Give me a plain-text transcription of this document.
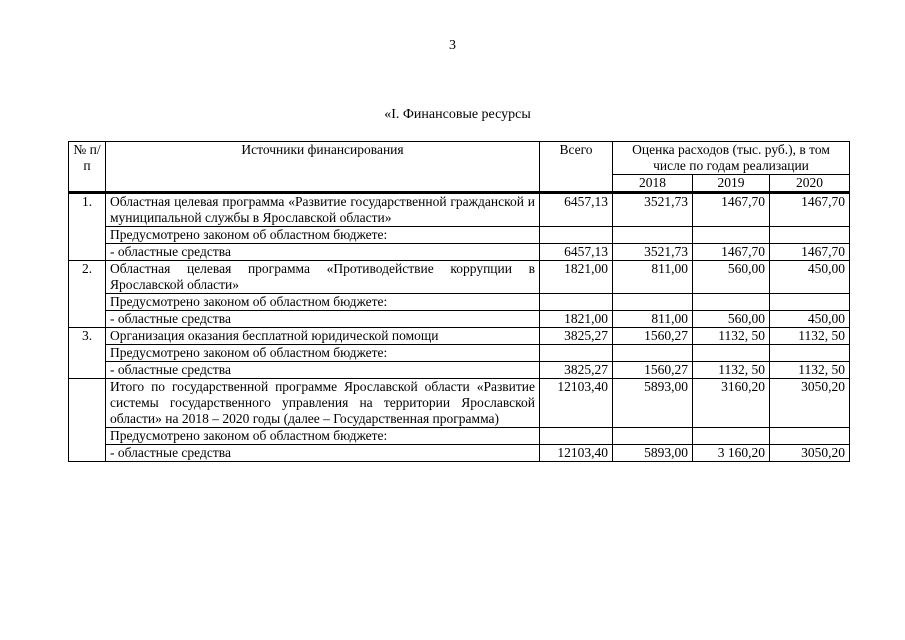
3
«I. Финансовые ресурсы
№ п/п	Источники финансирования	Всего	Оценка расходов (тыс. руб.), в том числе по годам реализации		
			2018	2019	2020
1.	Областная целевая программа «Развитие государственной гражданской и муниципальной службы в Ярославской области»	6457,13	3521,73	1467,70	1467,70
	Предусмотрено законом об областном бюджете:				
	- областные средства	6457,13	3521,73	1467,70	1467,70
2.	Областная целевая программа «Противодействие коррупции в Ярославской области»	1821,00	811,00	560,00	450,00
	Предусмотрено законом об областном бюджете:				
	- областные средства	1821,00	811,00	560,00	450,00
3.	Организация оказания бесплатной юридической помощи	3825,27	1560,27	1132, 50	1132, 50
	Предусмотрено законом об областном бюджете:				
	- областные средства	3825,27	1560,27	1132, 50	1132, 50
	Итого по государственной программе Ярославской области «Развитие системы государственного управления на территории Ярославской области» на 2018 – 2020 годы (далее – Государственная программа)	12103,40	5893,00	3160,20	3050,20
	Предусмотрено законом об областном бюджете:				
	- областные средства	12103,40	5893,00	3 160,20	3050,20
